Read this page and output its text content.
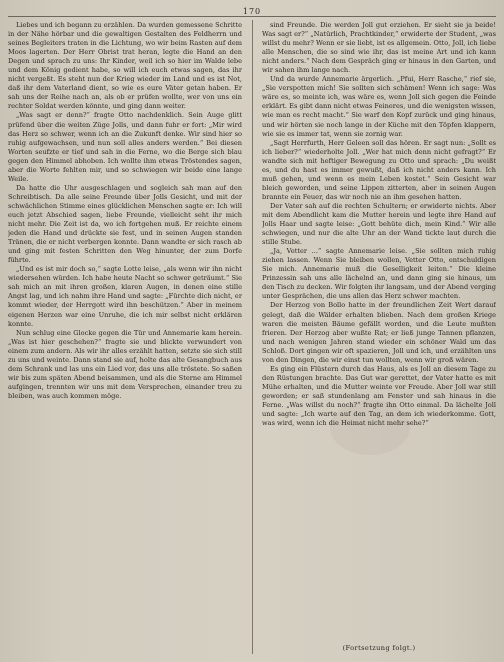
170

Liebes und ich begann zu erzählen. Da wurden gemessene Schritte in der Nähe hörbar und die gewaltigen Gestalten des Feldherrn und seines Begleiters traten in die Lichtung, wo wir beim Rasten auf dem Moos lagerten. Der Herr Obrist trat heran, legte die Hand an den Degen und sprach zu uns: Ihr Kinder, weil ich so hier im Walde lebe und dem König gedient habe, so will ich euch etwas sagen, das ihr nicht vergeßt. Es steht nun der Krieg wieder im Land und es ist Not, daß ihr dem Vaterland dient, so wie es eure Väter getan haben. Er sah uns der Reihe nach an, als ob er prüfen wollte, wer von uns ein rechter Soldat werden könnte, und ging dann weiter.

„Was sagt er denn?“ fragte Otto nachdenklich. Sein Auge glitt prüfend über die weiten Züge Jolls, und dann fuhr er fort: „Mir wird das Herz so schwer, wenn ich an die Zukunft denke. Wir sind hier so ruhig aufgewachsen, und nun soll alles anders werden.“ Bei diesen Worten seufzte er tief und sah in die Ferne, wo die Berge sich blau gegen den Himmel abhoben. Ich wollte ihm etwas Tröstendes sagen, aber die Worte fehlten mir, und so schwiegen wir beide eine lange Weile.

Da hatte die Uhr ausgeschlagen und sogleich sah man auf den Schreibtisch. Da alle seine Freunde über Jolls Gesicht, und mit der schwächlichen Stimme eines glücklichen Menschen sagte er: Ich will euch jetzt Abschied sagen, liebe Freunde, vielleicht seht ihr mich nicht mehr. Die Zeit ist da, wo ich fortgehen muß. Er reichte einem jeden die Hand und drückte sie fest, und in seinen Augen standen Tränen, die er nicht verbergen konnte. Dann wandte er sich rasch ab und ging mit festen Schritten den Weg hinunter, der zum Dorfe führte.

„Und es ist mir doch so,“ sagte Lotte leise, „als wenn wir ihn nicht wiedersehen würden. Ich habe heute Nacht so schwer geträumt.“ Sie sah mich an mit ihren großen, klaren Augen, in denen eine stille Angst lag, und ich nahm ihre Hand und sagte: „Fürchte dich nicht, er kommt wieder, der Herrgott wird ihn beschützen.“ Aber in meinem eigenen Herzen war eine Unruhe, die ich mir selbst nicht erklären konnte.

Nun schlug eine Glocke gegen die Tür und Annemarie kam herein. „Was ist hier geschehen?“ fragte sie und blickte verwundert von einem zum andern. Als wir ihr alles erzählt hatten, setzte sie sich still zu uns und weinte. Dann stand sie auf, holte das alte Gesangbuch aus dem Schrank und las uns ein Lied vor, das uns alle tröstete. So saßen wir bis zum späten Abend beisammen, und als die Sterne am Himmel aufgingen, trennten wir uns mit dem Versprechen, einander treu zu bleiben, was auch kommen möge.

sind Freunde. Die werden Joll gut erziehen. Er sieht sie ja beide! Was sagt er?“ „Natürlich, Prachtkinder,“ erwiderte der Student, „was willst du mehr? Wenn er sie liebt, ist es allgemein. Otto, Joll, ich liebe alle Menschen, die so sind wie ihr, das ist meine Art und ich kann nicht anders.“ Nach dem Gespräch ging er hinaus in den Garten, und wir sahen ihm lange nach.

Und da wurde Annemarie ärgerlich. „Pfui, Herr Rasche,“ rief sie, „Sie verspotten mich! Sie sollten sich schämen! Wenn ich sage: Was wäre es, so meinte ich, was wäre es, wenn Joll sich gegen die Feinde erklärt. Es gibt dann nicht etwas Feineres, und die wenigsten wissen, wie man es recht macht.“ Sie warf den Kopf zurück und ging hinaus, und wir hörten sie noch lange in der Küche mit den Töpfen klappern, wie sie es immer tat, wenn sie zornig war.

„Sagt Herrfurth, Herr Geleen soll das hören. Er sagt nun: „Sollt es ich lieber?“ wiederholte Joll. „Wer hat mich denn nicht gefragt?“ Er wandte sich mit heftiger Bewegung zu Otto und sprach: „Du weißt es, und du hast es immer gewußt, daß ich nicht anders kann. Ich muß gehen, und wenn es mein Leben kostet.“ Sein Gesicht war bleich geworden, und seine Lippen zitterten, aber in seinen Augen brannte ein Feuer, das wir noch nie an ihm gesehen hatten.

Der Vater sah auf die rechten Schultern; er erwiderte nichts. Aber mit dem Abendlicht kam die Mutter herein und legte ihre Hand auf Jolls Haar und sagte leise: „Gott behüte dich, mein Kind.“ Wir alle schwiegen, und nur die alte Uhr an der Wand tickte laut durch die stille Stube.

„Ja, Vetter ...“ sagte Annemarie leise. „Sie sollten mich ruhig ziehen lassen. Wenn Sie bleiben wollen, Vetter Otto, entschuldigen Sie mich. Annemarie muß die Geselligkeit leiten.“ Die kleine Prinzessin sah uns alle lächelnd an, und dann ging sie hinaus, um den Tisch zu decken. Wir folgten ihr langsam, und der Abend verging unter Gesprächen, die uns allen das Herz schwer machten.

Der Herzog von Bollo hatte in der freundlichen Zeit Wert darauf gelegt, daß die Wälder erhalten blieben. Nach dem großen Kriege waren die meisten Bäume gefällt worden, und die Leute mußten frieren. Der Herzog aber wußte Rat; er ließ junge Tannen pflanzen, und nach wenigen Jahren stand wieder ein schöner Wald um das Schloß. Dort gingen wir oft spazieren, Joll und ich, und erzählten uns von den Dingen, die wir einst tun wollten, wenn wir groß wären.

Es ging ein Flüstern durch das Haus, als es Joll an diesem Tage zu den Rüstungen brachte. Das Gut war gerettet, der Vater hatte es mit Mühe erhalten, und die Mutter weinte vor Freude. Aber Joll war still geworden; er saß stundenlang am Fenster und sah hinaus in die Ferne. „Was willst du noch?“ fragte ihn Otto einmal. Da lächelte Joll und sagte: „Ich warte auf den Tag, an dem ich wiederkomme. Gott, was wird, wenn ich die Heimat nicht mehr sehe?“

(Fortsetzung folgt.)
